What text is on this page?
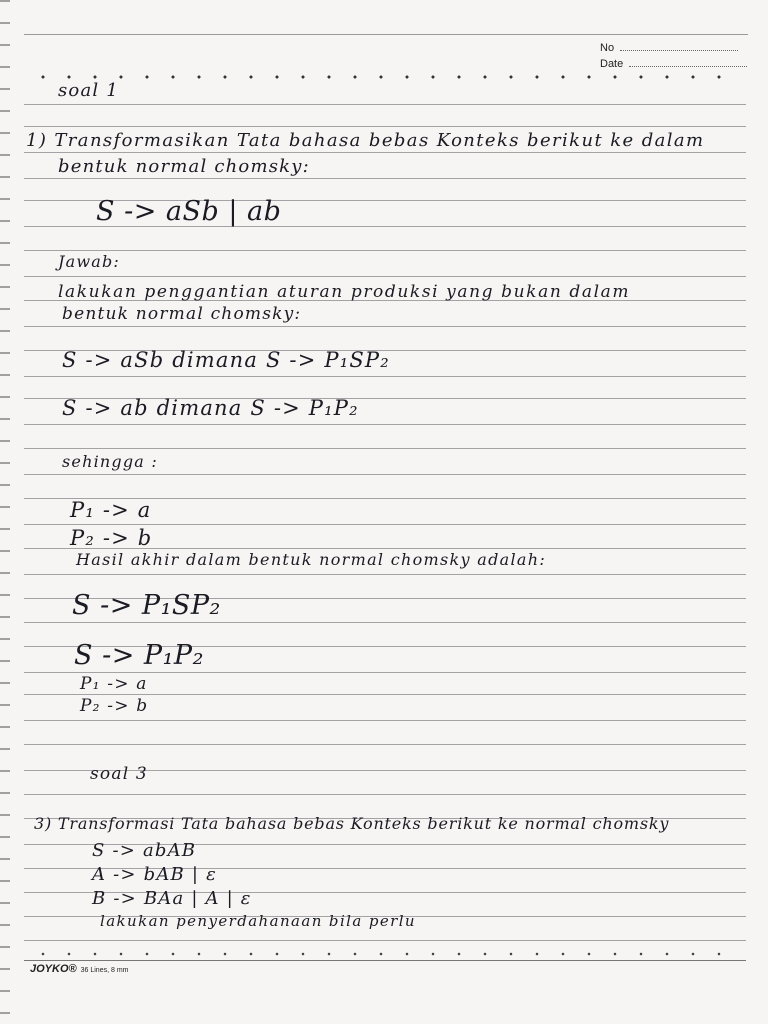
No
Date
soal 1
1) Transformasikan Tata bahasa bebas Konteks berikut ke dalam
bentuk normal chomsky:
S -> aSb | ab
Jawab:
lakukan penggantian aturan produksi yang bukan dalam
bentuk normal chomsky:
S -> aSb dimana S -> P₁SP₂
S -> ab dimana S -> P₁P₂
sehingga :
P₁ -> a
P₂ -> b
Hasil akhir dalam bentuk normal chomsky adalah:
S -> P₁SP₂
S -> P₁P₂
P₁ -> a
P₂ -> b
soal 3
3) Transformasi Tata bahasa bebas Konteks berikut ke normal chomsky
S -> abAB
A -> bAB | ε
B -> BAa | A | ε
lakukan penyerdahanaan bila perlu
JOYKO® 36 Lines, 8 mm
